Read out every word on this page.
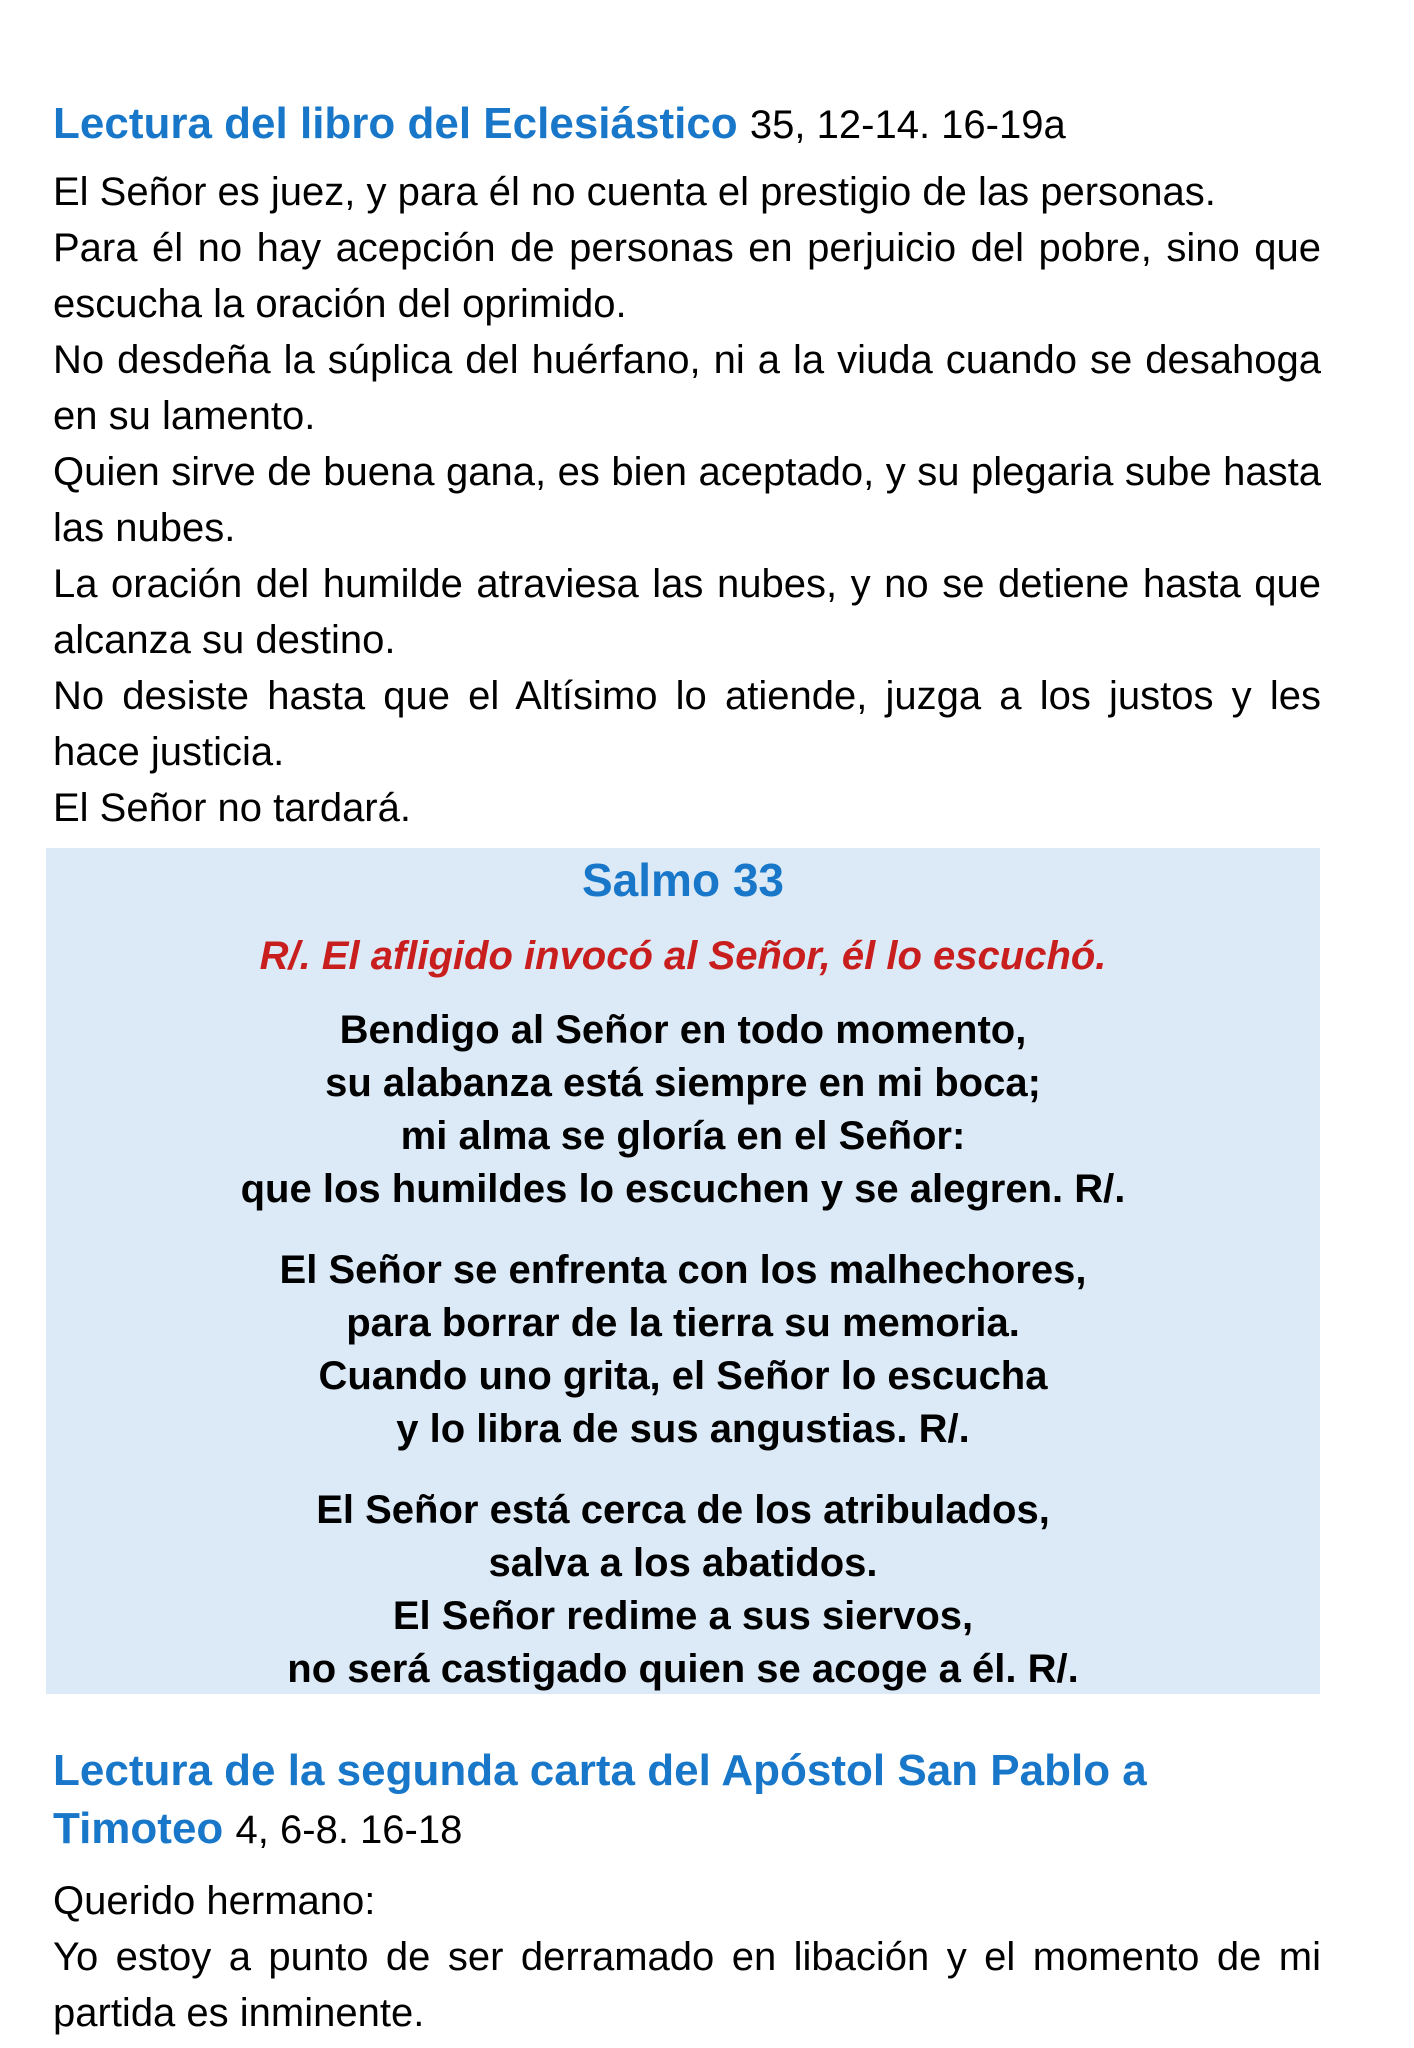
Lectura del libro del Eclesiástico 35, 12-14. 16-19a

El Señor es juez, y para él no cuenta el prestigio de las personas.

Para él no hay acepción de personas en perjuicio del pobre, sino que escucha la oración del oprimido.

No desdeña la súplica del huérfano, ni a la viuda cuando se desahoga en su lamento.

Quien sirve de buena gana, es bien aceptado, y su plegaria sube hasta las nubes.

La oración del humilde atraviesa las nubes, y no se detiene hasta que alcanza su destino.

No desiste hasta que el Altísimo lo atiende, juzga a los justos y les hace justicia.

El Señor no tardará.

Salmo 33
R/. El afligido invocó al Señor, él lo escuchó.
Bendigo al Señor en todo momento,
su alabanza está siempre en mi boca;
mi alma se gloría en el Señor:
que los humildes lo escuchen y se alegren. R/.
El Señor se enfrenta con los malhechores,
para borrar de la tierra su memoria.
Cuando uno grita, el Señor lo escucha
y lo libra de sus angustias. R/.
El Señor está cerca de los atribulados,
salva a los abatidos.
El Señor redime a sus siervos,
no será castigado quien se acoge a él. R/.
Lectura de la segunda carta del Apóstol San Pablo a Timoteo 4, 6-8. 16-18

Querido hermano:

Yo estoy a punto de ser derramado en libación y el momento de mi partida es inminente.
